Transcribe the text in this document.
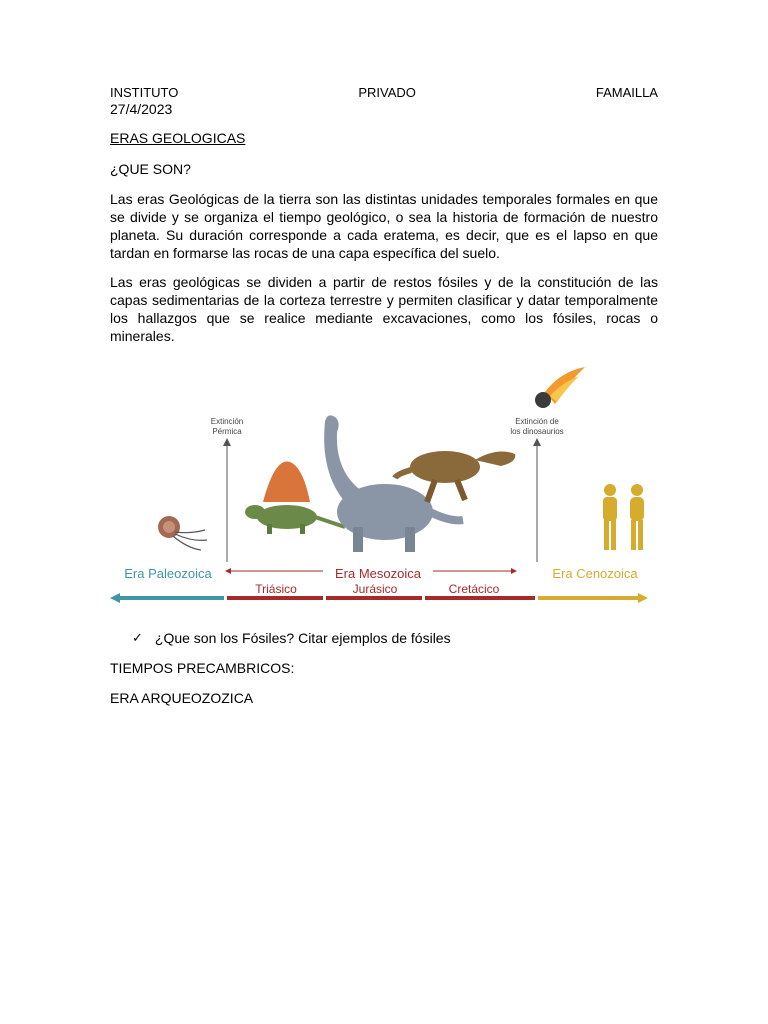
INSTITUTO	PRIVADO	FAMAILLA
27/4/2023
ERAS GEOLOGICAS
¿QUE SON?

Las eras Geológicas de la tierra son las distintas unidades temporales formales en que se divide y se organiza el tiempo geológico, o sea la historia de formación de nuestro planeta. Su duración corresponde a cada eratema, es decir, que es el lapso en que tardan en formarse las rocas de una capa específica del suelo.

Las eras geológicas se dividen a partir de restos fósiles y de la constitución de las capas sedimentarias de la corteza terrestre y permiten clasificar y datar temporalmente los hallazgos que se realice mediante excavaciones, como los fósiles, rocas o minerales.

Extinción
Pérmica
Extinción de
los dinosaurios
Era Paleozoica	Era Mesozoica	Era Cenozoica
Triásico	Jurásico	Cretácico
✓ ¿Que son los Fósiles? Citar ejemplos de fósiles
TIEMPOS PRECAMBRICOS:
ERA ARQUEOZOZICA
